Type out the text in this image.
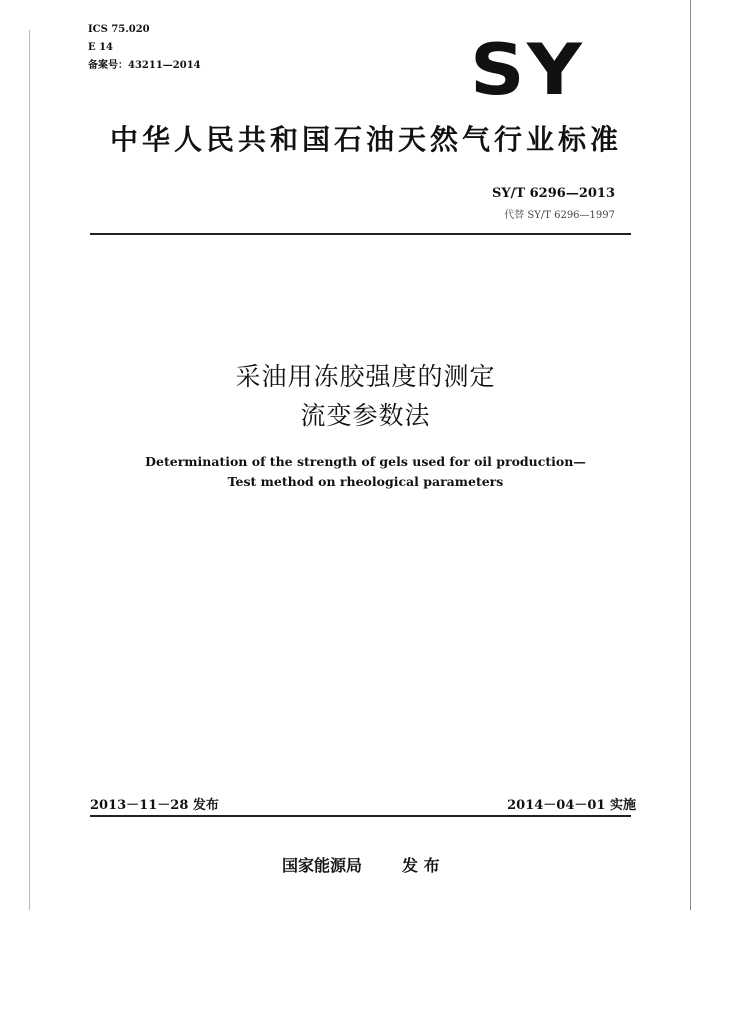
ICS 75.020
E 14
备案号：43211—2014	SY
中华人民共和国石油天然气行业标准
SY/T 6296—2013
代替 SY/T 6296—1997
采油用冻胶强度的测定
流变参数法
Determination of the strength of gels used for oil production—
Test method on rheological parameters
2013－11－28 发布	2014－04－01 实施
国家能源局 发 布
